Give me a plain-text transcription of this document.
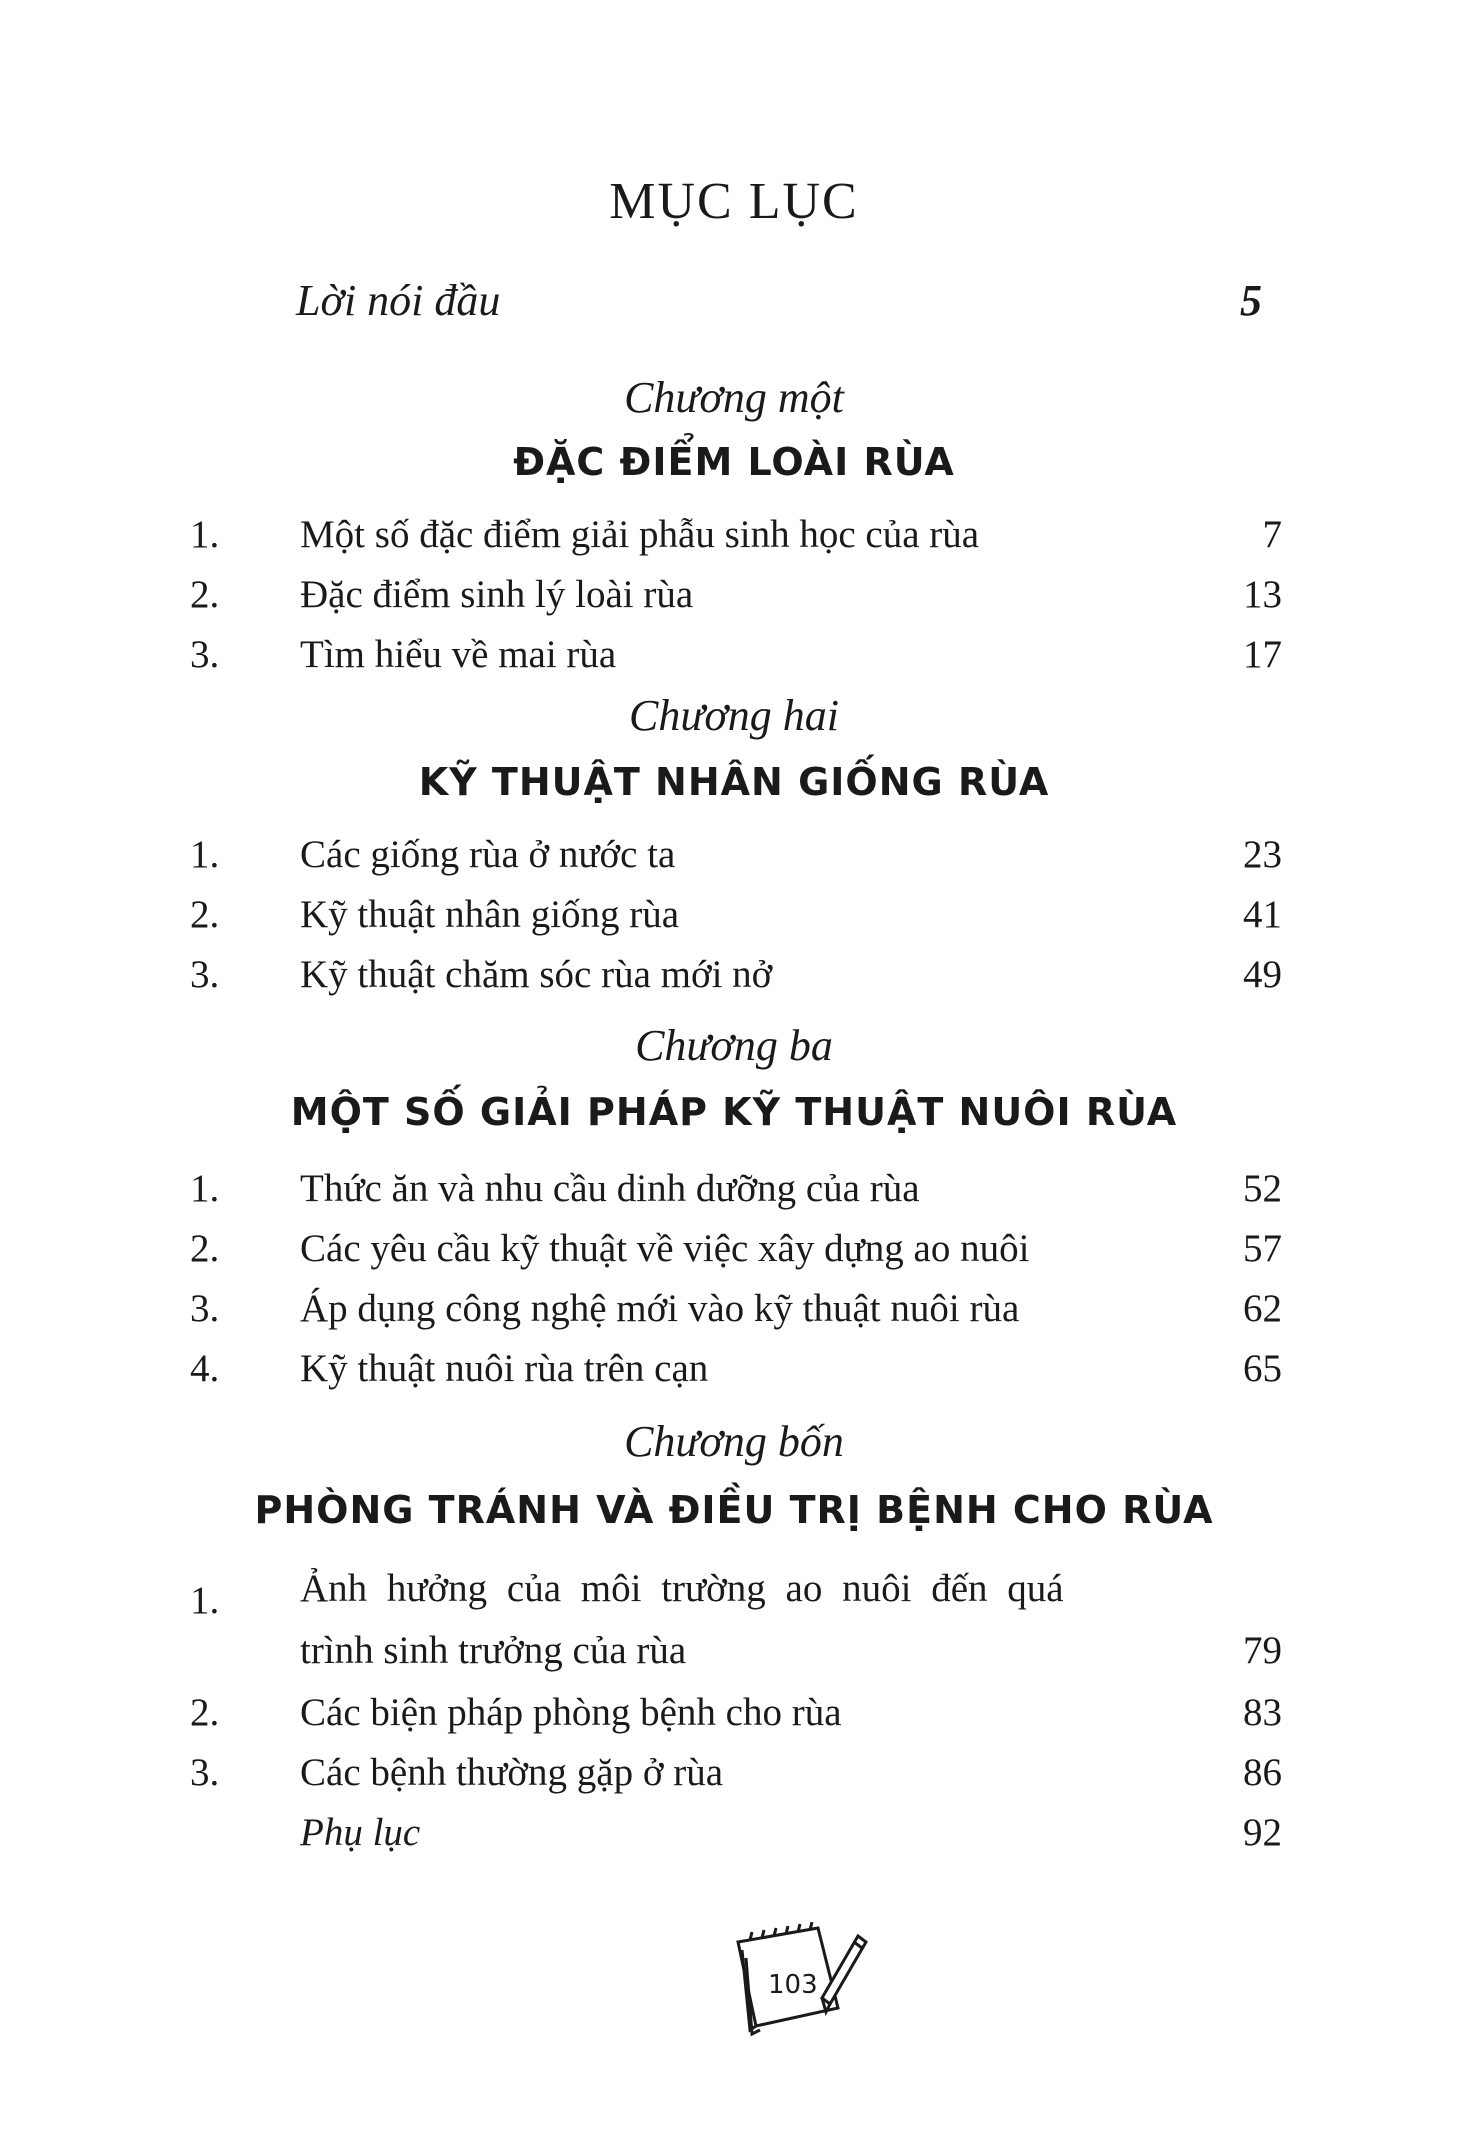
MỤC LỤC
Lời nói đầu	5
Chương một
ĐẶC ĐIỂM LOÀI RÙA
1. Một số đặc điểm giải phẫu sinh học của rùa	7
2. Đặc điểm sinh lý loài rùa	13
3. Tìm hiểu về mai rùa	17
Chương hai
KỸ THUẬT NHÂN GIỐNG RÙA
1. Các giống rùa ở nước ta	23
2. Kỹ thuật nhân giống rùa	41
3. Kỹ thuật chăm sóc rùa mới nở	49
Chương ba
MỘT SỐ GIẢI PHÁP KỸ THUẬT NUÔI RÙA
1. Thức ăn và nhu cầu dinh dưỡng của rùa	52
2. Các yêu cầu kỹ thuật về việc xây dựng ao nuôi	57
3. Áp dụng công nghệ mới vào kỹ thuật nuôi rùa	62
4. Kỹ thuật nuôi rùa trên cạn	65
Chương bốn
PHÒNG TRÁNH VÀ ĐIỀU TRỊ BỆNH CHO RÙA
1. Ảnh hưởng của môi trường ao nuôi đến quá
trình sinh trưởng của rùa	79
2. Các biện pháp phòng bệnh cho rùa	83
3. Các bệnh thường gặp ở rùa	86
Phụ lục	92
103
